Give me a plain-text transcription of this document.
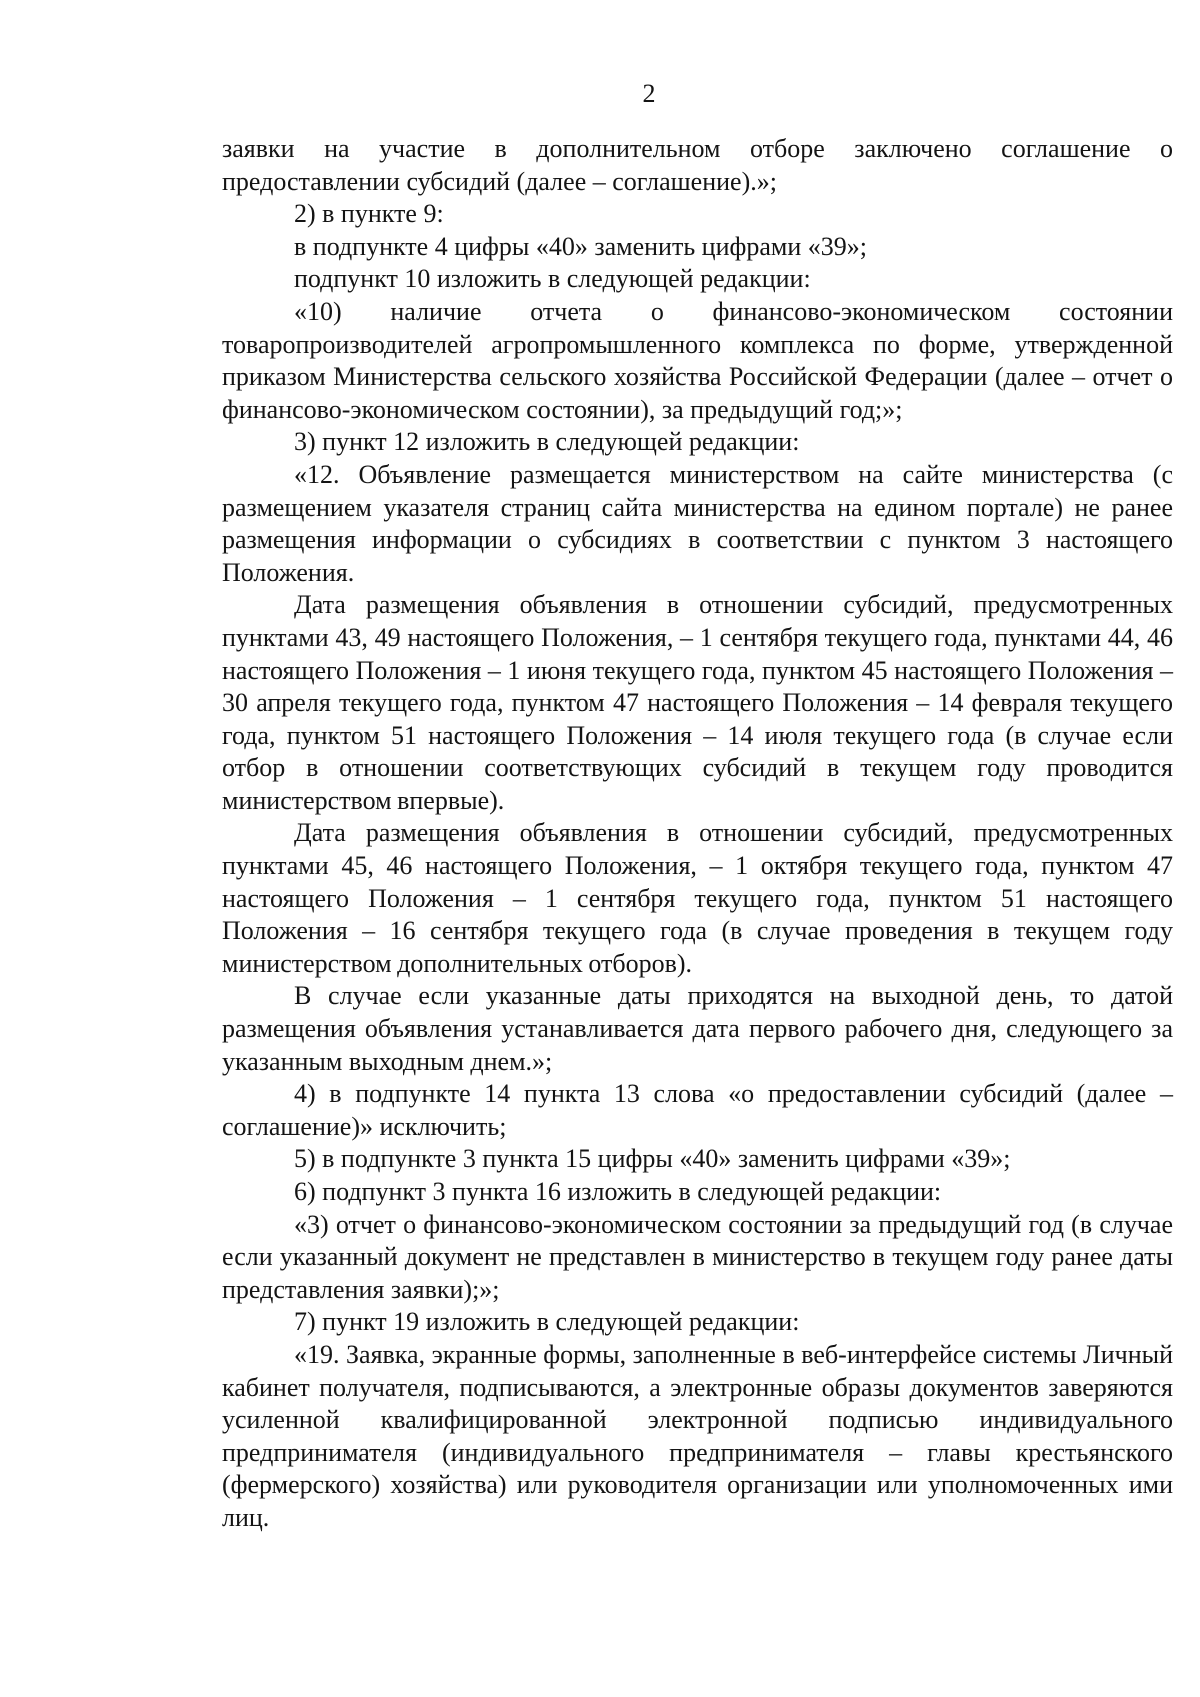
2

заявки на участие в дополнительном отборе заключено соглашение о предоставлении субсидий (далее – соглашение).»;

2) в пункте 9:

в подпункте 4 цифры «40» заменить цифрами «39»;

подпункт 10 изложить в следующей редакции:

«10) наличие отчета о финансово-экономическом состоянии товаропроизводителей агропромышленного комплекса по форме, утвержденной приказом Министерства сельского хозяйства Российской Федерации (далее – отчет о финансово-экономическом состоянии), за предыдущий год;»;

3) пункт 12 изложить в следующей редакции:

«12. Объявление размещается министерством на сайте министерства (с размещением указателя страниц сайта министерства на едином портале) не ранее размещения информации о субсидиях в соответствии с пунктом 3 настоящего Положения.

Дата размещения объявления в отношении субсидий, предусмотренных пунктами 43, 49 настоящего Положения, – 1 сентября текущего года, пунктами 44, 46 настоящего Положения – 1 июня текущего года, пунктом 45 настоящего Положения – 30 апреля текущего года, пунктом 47 настоящего Положения – 14 февраля текущего года, пунктом 51 настоящего Положения – 14 июля текущего года (в случае если отбор в отношении соответствующих субсидий в текущем году проводится министерством впервые).

Дата размещения объявления в отношении субсидий, предусмотренных пунктами 45, 46 настоящего Положения, – 1 октября текущего года, пунктом 47 настоящего Положения – 1 сентября текущего года, пунктом 51 настоящего Положения – 16 сентября текущего года (в случае проведения в текущем году министерством дополнительных отборов).

В случае если указанные даты приходятся на выходной день, то датой размещения объявления устанавливается дата первого рабочего дня, следующего за указанным выходным днем.»;

4) в подпункте 14 пункта 13 слова «о предоставлении субсидий (далее – соглашение)» исключить;

5) в подпункте 3 пункта 15 цифры «40» заменить цифрами «39»;

6) подпункт 3 пункта 16 изложить в следующей редакции:

«3) отчет о финансово-экономическом состоянии за предыдущий год (в случае если указанный документ не представлен в министерство в текущем году ранее даты представления заявки);»;

7) пункт 19 изложить в следующей редакции:

«19. Заявка, экранные формы, заполненные в веб-интерфейсе системы Личный кабинет получателя, подписываются, а электронные образы документов заверяются усиленной квалифицированной электронной подписью индивидуального предпринимателя (индивидуального предпринимателя – главы крестьянского (фермерского) хозяйства) или руководителя организации или уполномоченных ими лиц.
